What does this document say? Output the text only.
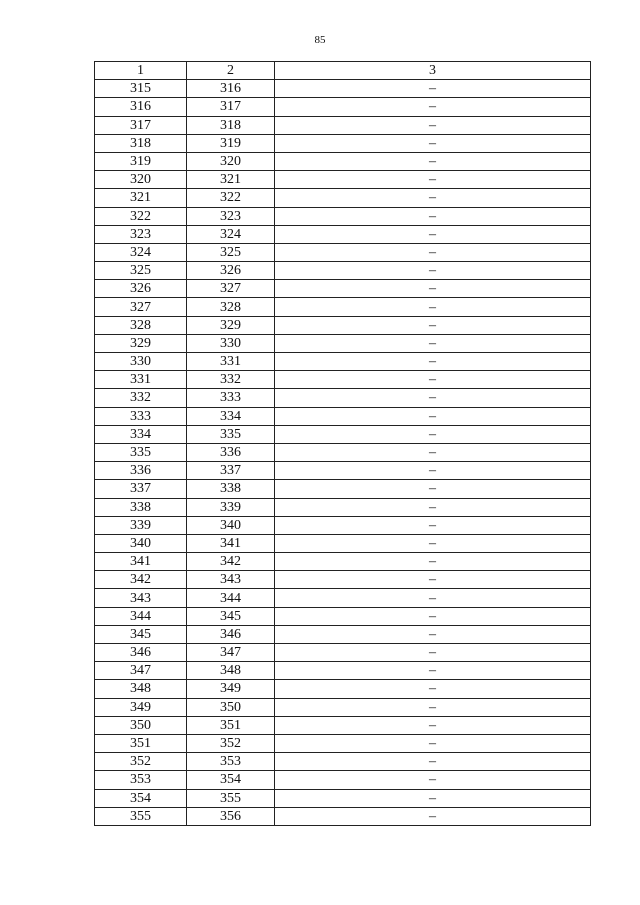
85
1	2	3
315	316	–
316	317	–
317	318	–
318	319	–
319	320	–
320	321	–
321	322	–
322	323	–
323	324	–
324	325	–
325	326	–
326	327	–
327	328	–
328	329	–
329	330	–
330	331	–
331	332	–
332	333	–
333	334	–
334	335	–
335	336	–
336	337	–
337	338	–
338	339	–
339	340	–
340	341	–
341	342	–
342	343	–
343	344	–
344	345	–
345	346	–
346	347	–
347	348	–
348	349	–
349	350	–
350	351	–
351	352	–
352	353	–
353	354	–
354	355	–
355	356	–
